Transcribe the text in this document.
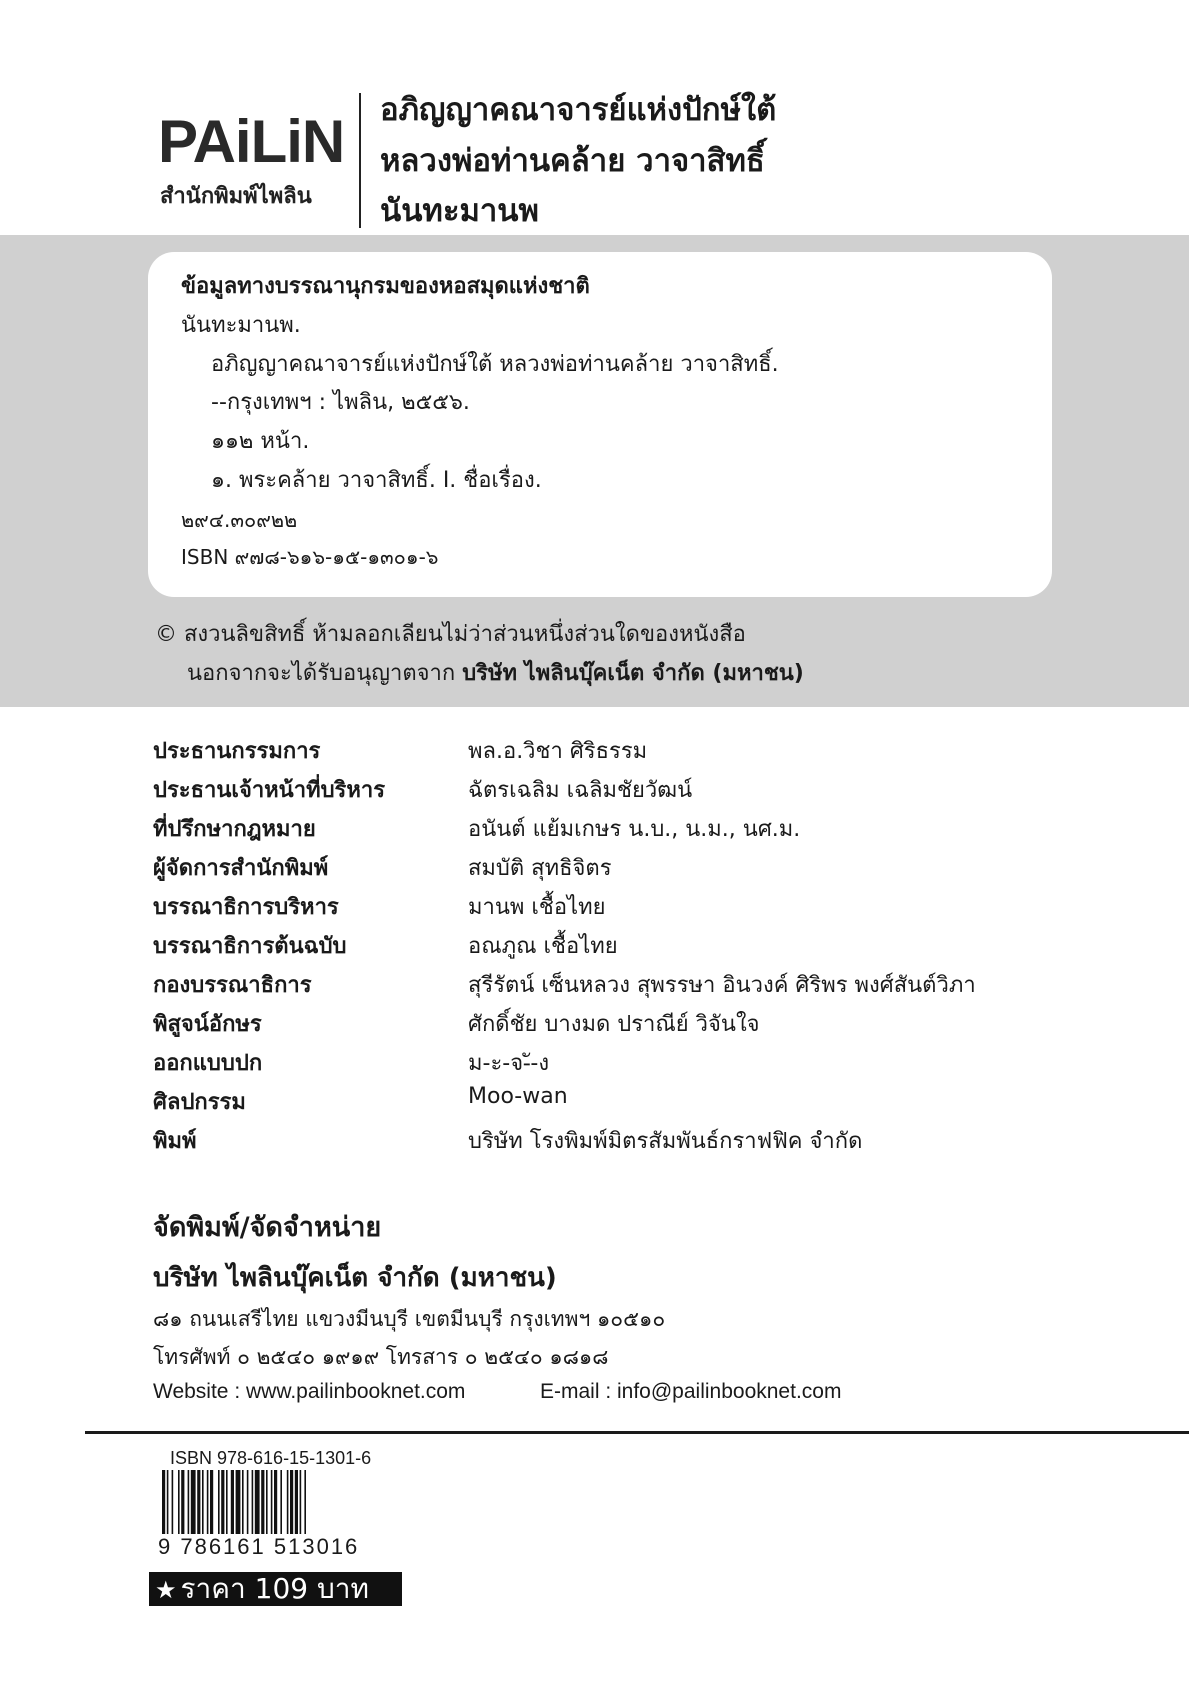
PAiLiN
สำนักพิมพ์ไพลิน
อภิญญาคณาจารย์แห่งปักษ์ใต้
หลวงพ่อท่านคล้าย วาจาสิทธิ์
นันทะมานพ
ข้อมูลทางบรรณานุกรมของหอสมุดแห่งชาติ
นันทะมานพ.
อภิญญาคณาจารย์แห่งปักษ์ใต้ หลวงพ่อท่านคล้าย วาจาสิทธิ์.
--กรุงเทพฯ : ไพลิน, ๒๕๕๖.
๑๑๒ หน้า.
๑. พระคล้าย วาจาสิทธิ์. I. ชื่อเรื่อง.
๒๙๔.๓๐๙๒๒
ISBN ๙๗๘-๖๑๖-๑๕-๑๓๐๑-๖
© สงวนลิขสิทธิ์ ห้ามลอกเลียนไม่ว่าส่วนหนึ่งส่วนใดของหนังสือ
นอกจากจะได้รับอนุญาตจาก บริษัท ไพลินบุ๊คเน็ต จำกัด (มหาชน)
ประธานกรรมการ	พล.อ.วิชา ศิริธรรม
ประธานเจ้าหน้าที่บริหาร	ฉัตรเฉลิม เฉลิมชัยวัฒน์
ที่ปรึกษากฎหมาย	อนันต์ แย้มเกษร น.บ., น.ม., นศ.ม.
ผู้จัดการสำนักพิมพ์	สมบัติ สุทธิจิตร
บรรณาธิการบริหาร	มานพ เชื้อไทย
บรรณาธิการต้นฉบับ	อณภูณ เชื้อไทย
กองบรรณาธิการ	สุรีรัตน์ เซ็นหลวง สุพรรษา อินวงค์ ศิริพร พงศ์สันต์วิภา
พิสูจน์อักษร	ศักดิ์ชัย บางมด ปราณีย์ วิจันใจ
ออกแบบปก	ม-ะ-จ-ั-ง
ศิลปกรรม	Moo-wan
พิมพ์	บริษัท โรงพิมพ์มิตรสัมพันธ์กราฟฟิค จำกัด
จัดพิมพ์/จัดจำหน่าย
บริษัท ไพลินบุ๊คเน็ต จำกัด (มหาชน)
๘๑ ถนนเสรีไทย แขวงมีนบุรี เขตมีนบุรี กรุงเทพฯ ๑๐๕๑๐
โทรศัพท์ ๐ ๒๕๔๐ ๑๙๑๙ โทรสาร ๐ ๒๕๔๐ ๑๘๑๘
Website : www.pailinbooknet.com	E-mail : info@pailinbooknet.com
ISBN 978-616-15-1301-6
9 786161 513016
★ ราคา 109 บาท
